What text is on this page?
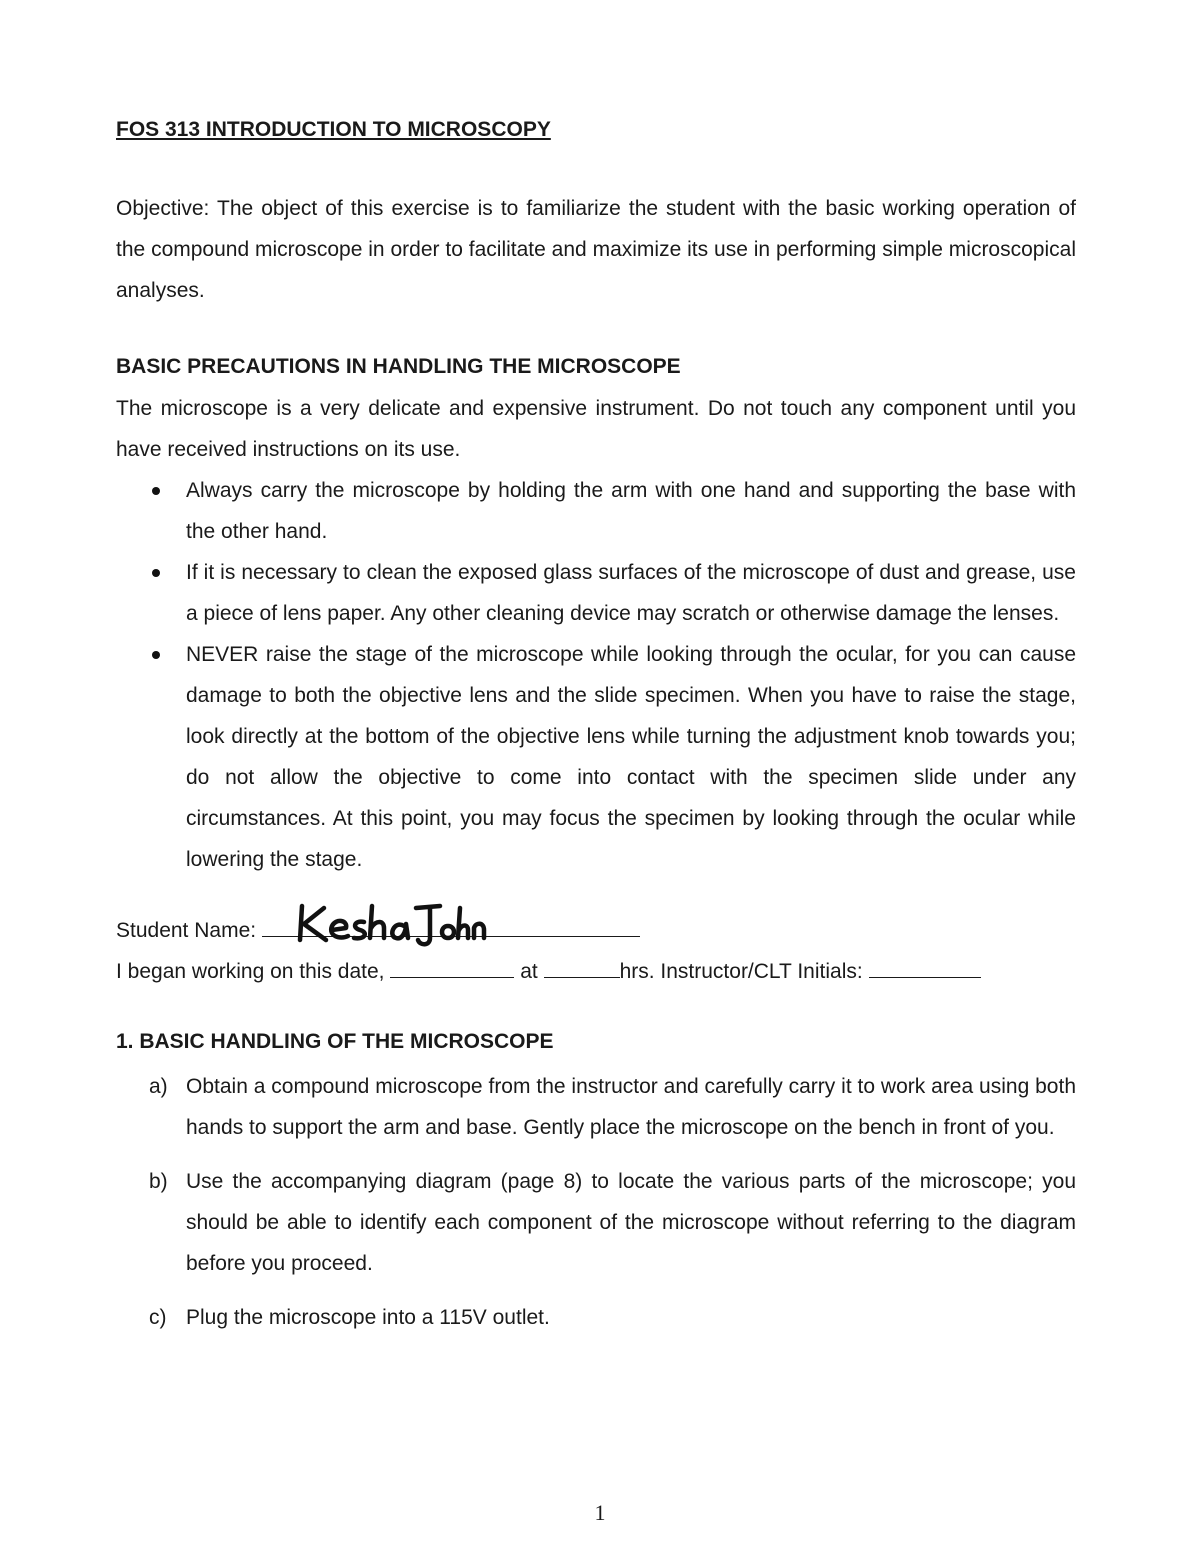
FOS 313 INTRODUCTION TO MICROSCOPY

Objective: The object of this exercise is to familiarize the student with the basic working operation of the compound microscope in order to facilitate and maximize its use in performing simple microscopical analyses.

BASIC PRECAUTIONS IN HANDLING THE MICROSCOPE

The microscope is a very delicate and expensive instrument. Do not touch any component until you have received instructions on its use.

Always carry the microscope by holding the arm with one hand and supporting the base with the other hand.
If it is necessary to clean the exposed glass surfaces of the microscope of dust and grease, use a piece of lens paper. Any other cleaning device may scratch or otherwise damage the lenses.
NEVER raise the stage of the microscope while looking through the ocular, for you can cause damage to both the objective lens and the slide specimen. When you have to raise the stage, look directly at the bottom of the objective lens while turning the adjustment knob towards you; do not allow the objective to come into contact with the specimen slide under any circumstances. At this point, you may focus the specimen by looking through the ocular while lowering the stage.
Student Name:
I began working on this date,	at	hrs. Instructor/CLT Initials:

1. BASIC HANDLING OF THE MICROSCOPE

a) Obtain a compound microscope from the instructor and carefully carry it to work area using both hands to support the arm and base. Gently place the microscope on the bench in front of you.
b) Use the accompanying diagram (page 8) to locate the various parts of the microscope; you should be able to identify each component of the microscope without referring to the diagram before you proceed.
c) Plug the microscope into a 115V outlet.
1
